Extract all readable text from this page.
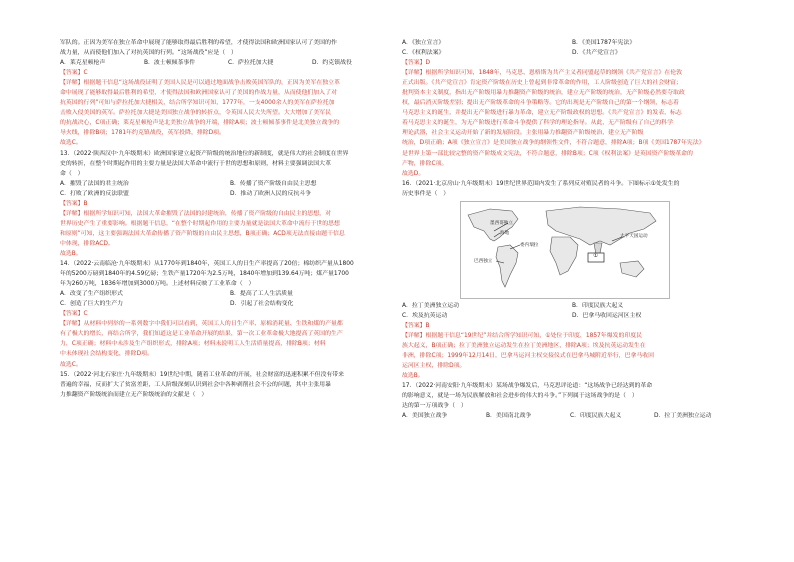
军队的。正因为美军在独立革命中展现了能够取得最后胜利的希望，才使得法国和欧洲国家认可了美国的作

战力量，从而使他们加入了对抗英国的行列。“这场战役”应是（　）

A．莱克星顿枪声	B．波士顿倾茶事件	C．萨拉托加大捷	D．约克镇战役

【答案】C

【详解】根据题干信息“这场战役证明了美国人民是可以通过地面战争击败英国军队的，正因为美军在独立革

命中展现了能够取得最后胜利的希望，才使得法国和欧洲国家认可了美国的作战力量，从而使他们加入了对

抗英国的行列”可知与萨拉托加大捷相关，结合所学知识可知，1777年，一支4000余人的美军在萨拉托加

击败入侵美国的英军。萨拉托加大捷是美国独立战争的转折点，令英国人民大失所望。大大增加了美军民

的抗战决心，C项正确；莱克星顿枪声是北美独立战争的开端，排除A项；波士顿倾茶事件是北美独立战争的

导火线，排除B项；1781年约克镇战役，英军投降，排除D项。

故选C。

13．（2022·陕西汉中·九年级期末）欧洲国家建立起资产阶级的统治地位的新制度，就是伟大的社会制度在世界

史的转折，在整个时期起作用的主要力量是法国大革命中流行于世的思想和原则，材料主要强调法国大革

命（　）

A．摧毁了法国的君主统治	B．传播了资产阶级自由民主思想

C．打败了欧洲的反法联盟	D．推动了欧洲人民的反抗斗争

【答案】B

【详解】根据所学知识可知，法国大革命摧毁了法国的封建统治，传播了资产阶级的自由民主的思想，对

世界历史产生了重要影响。根据题干信息，“在整个时期起作用的主要力量就是法国大革命中流行于世的思想

和原则”可知，这主要强调法国大革命传播了资产阶级的自由民主思想，B项正确；ACD项无法直接由题干信息

中体现，排除ACD。

故选B。

14．（2022·云南临沧·九年级期末）从1770年到1840年，英国工人的日生产率提高了20倍；棉纺织产量从1800

年的5200万磅到1840年的4.59亿磅；生铁产量1720年为2.5万吨，1840年增加到139.64万吨；煤产量1700

年为260万吨，1836年增加到3000万吨。上述材料反映了工业革命（　）

A．改变了生产组织形式	B．提高了工人生活质量

C．创造了巨大的生产力	D．引起了社会结构变化

【答案】C

【详解】从材料中列举的一系列数字中我们可以看到，英国工人的日生产率、原棉消耗量、生铁和煤的产量都

有了极大的增长，再结合所学，我们知道这是工业革命开展的结果，第一次工业革命极大地提高了英国的生产

力，C项正确；材料中未涉及生产组织形式，排除A项；材料未说明工人生活质量提高，排除B项；材料

中未体现社会结构变化，排除D项。

故选C。

15．（2022·河北石家庄·九年级期末）19世纪中期，随着工业革命的开展，社会财富的迅速积累不但没有带来

普遍的幸福，反而扩大了贫富差距，工人阶级深刻认识到社会中各种剥削社会不公的问题，其中主张用暴

力推翻资产阶级统治而建立无产阶级统治的文献是（　）

A．《独立宣言》	B．《美国1787年宪法》

C．《权利法案》	D．《共产党宣言》

【答案】D

【详解】根据所学知识可知，1848年，马克思、恩格斯为共产主义者同盟起草的纲领《共产党宣言》在伦敦

正式出版。《共产党宣言》肯定资产阶级在历史上曾起到非常革命的作用，工人阶级创造了巨大的社会财富；

批判资本主义制度，指出无产阶级用暴力推翻资产阶级的统治，建立无产阶级的统治，无产阶级必然要夺取政

权，最后消灭阶级差别；提出无产阶级革命的斗争策略等。它的出现是无产阶级自己的第一个纲领，标志着

马克思主义的诞生，并提出无产阶级进行暴力革命，建立无产阶级政权的思想。《共产党宣言》的发表，标志

着马克思主义的诞生，为无产阶级进行革命斗争提供了科学的理论指导。从此，无产阶级有了自己的科学

理论武器，社会主义运动开始了新的发展阶段。主张用暴力推翻资产阶级统治，建立无产阶级

统治，D项正确；A项《独立宣言》是美国独立战争的纲领性文件，不符合题意，排除A项；B项《美国1787年宪法》

是世界上第一部比较完整的资产阶级成文宪法，不符合题意，排除B项；C项《权利法案》是英国资产阶级革命的

产物，排除C项。

故选D。

16．（2021·北京房山·九年级期末）19世纪世界范围内发生了系列反对殖民者的斗争。下图标示①处发生的

历史事件是（　）

墨西哥独立
海地
委内瑞拉
太平天国运动
巴西独立
①

A．拉丁美洲独立运动	B．印度民族大起义

C．埃及抗英运动	D．巴拿马收回运河区主权

【答案】B

【详解】根据题干信息“19世纪”并结合所学知识可知，①处位于印度，1857年爆发的印度民

族大起义，B项正确；拉丁美洲独立运动发生在拉丁美洲地区，排除A项；埃及抗英运动发生在

非洲，排除C项；1999年12月14日，巴拿马运河主权交接仪式在巴拿马城附近举行，巴拿马收回

运河区主权，排除D项。

故选B。

17．（2022·河南安阳·九年级期末）某场战争爆发后，马克思评论道：“这场战争已经达到的革命

的影响意义，就是一场为民族解放和社会进步的伟大的斗争。”下列属于这场战争的是（　）

达的第一万项战争（　）

A．美国独立战争	B．美国南北战争	C．印度民族大起义	D．拉丁美洲独立运动
